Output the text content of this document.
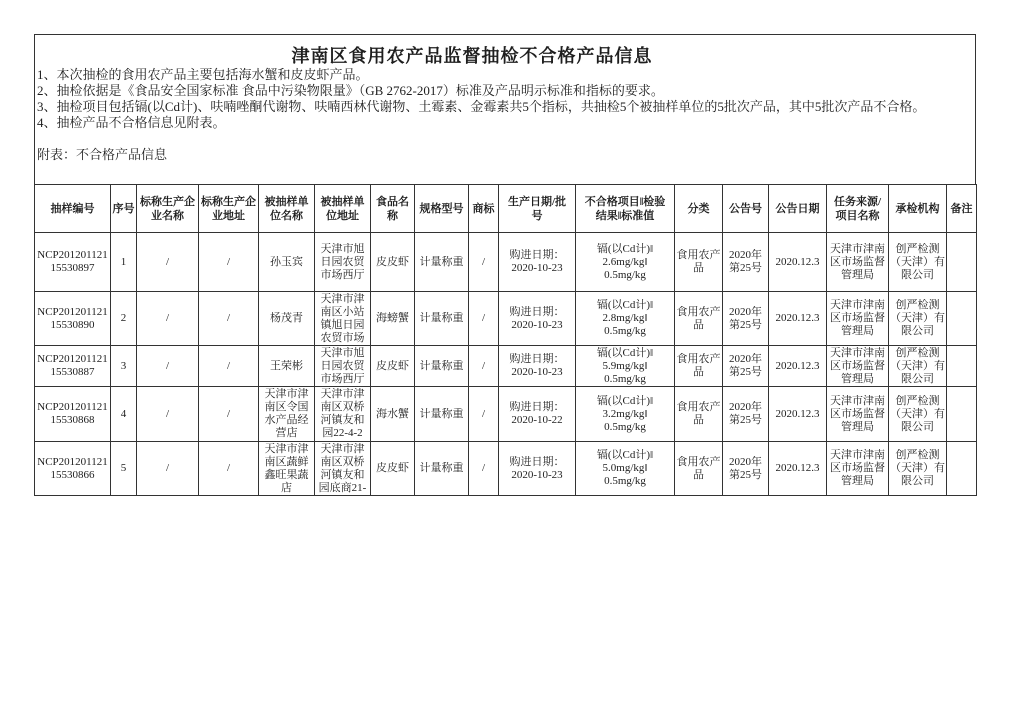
津南区食用农产品监督抽检不合格产品信息
1、本次抽检的食用农产品主要包括海水蟹和皮皮虾产品。
2、抽检依据是《食品安全国家标准 食品中污染物限量》（GB 2762-2017）标准及产品明示标准和指标的要求。
3、抽检项目包括镉(以Cd计)、呋喃唑酮代谢物、呋喃西林代谢物、土霉素、金霉素共5个指标，共抽检5个被抽样单位的5批次产品，其中5批次产品不合格。
4、抽检产品不合格信息见附表。
附表：不合格产品信息
抽样编号	序号	标称生产企业名称	标称生产企业地址	被抽样单位名称	被抽样单位地址	食品名称	规格型号	商标	生产日期/批号	不合格项目‖检验结果‖标准值	分类	公告号	公告日期	任务来源/项目名称	承检机构	备注

NCP20120112115530897	1	/	/	孙玉宾	天津市旭日园农贸市场西厅	皮皮虾	计量称重	/	购进日期：2020-10-23	镉(以Cd计)‖
2.6mg/kg‖
0.5mg/kg	食用农产品	2020年第25号	2020.12.3	天津市津南区市场监督管理局	创严检测（天津）有限公司	

NCP20120112115530890	2	/	/	杨茂青	天津市津南区小站镇旭日园农贸市场	海螃蟹	计量称重	/	购进日期：2020-10-23	镉(以Cd计)‖
2.8mg/kg‖
0.5mg/kg	食用农产品	2020年第25号	2020.12.3	天津市津南区市场监督管理局	创严检测（天津）有限公司	

NCP20120112115530887	3	/	/	王荣彬	天津市旭日园农贸市场西厅	皮皮虾	计量称重	/	购进日期：2020-10-23	镉(以Cd计)‖
5.9mg/kg‖
0.5mg/kg	食用农产品	2020年第25号	2020.12.3	天津市津南区市场监督管理局	创严检测（天津）有限公司	

NCP20120112115530868	4	/	/	天津市津南区令国水产品经营店	天津市津南区双桥河镇友和园22-4-2	海水蟹	计量称重	/	购进日期：2020-10-22	镉(以Cd计)‖
3.2mg/kg‖
0.5mg/kg	食用农产品	2020年第25号	2020.12.3	天津市津南区市场监督管理局	创严检测（天津）有限公司	

NCP20120112115530866	5	/	/	天津市津南区蔬鲜鑫旺果蔬店	天津市津南区双桥河镇友和园底商21-	皮皮虾	计量称重	/	购进日期：2020-10-23	镉(以Cd计)‖
5.0mg/kg‖
0.5mg/kg	食用农产品	2020年第25号	2020.12.3	天津市津南区市场监督管理局	创严检测（天津）有限公司	
